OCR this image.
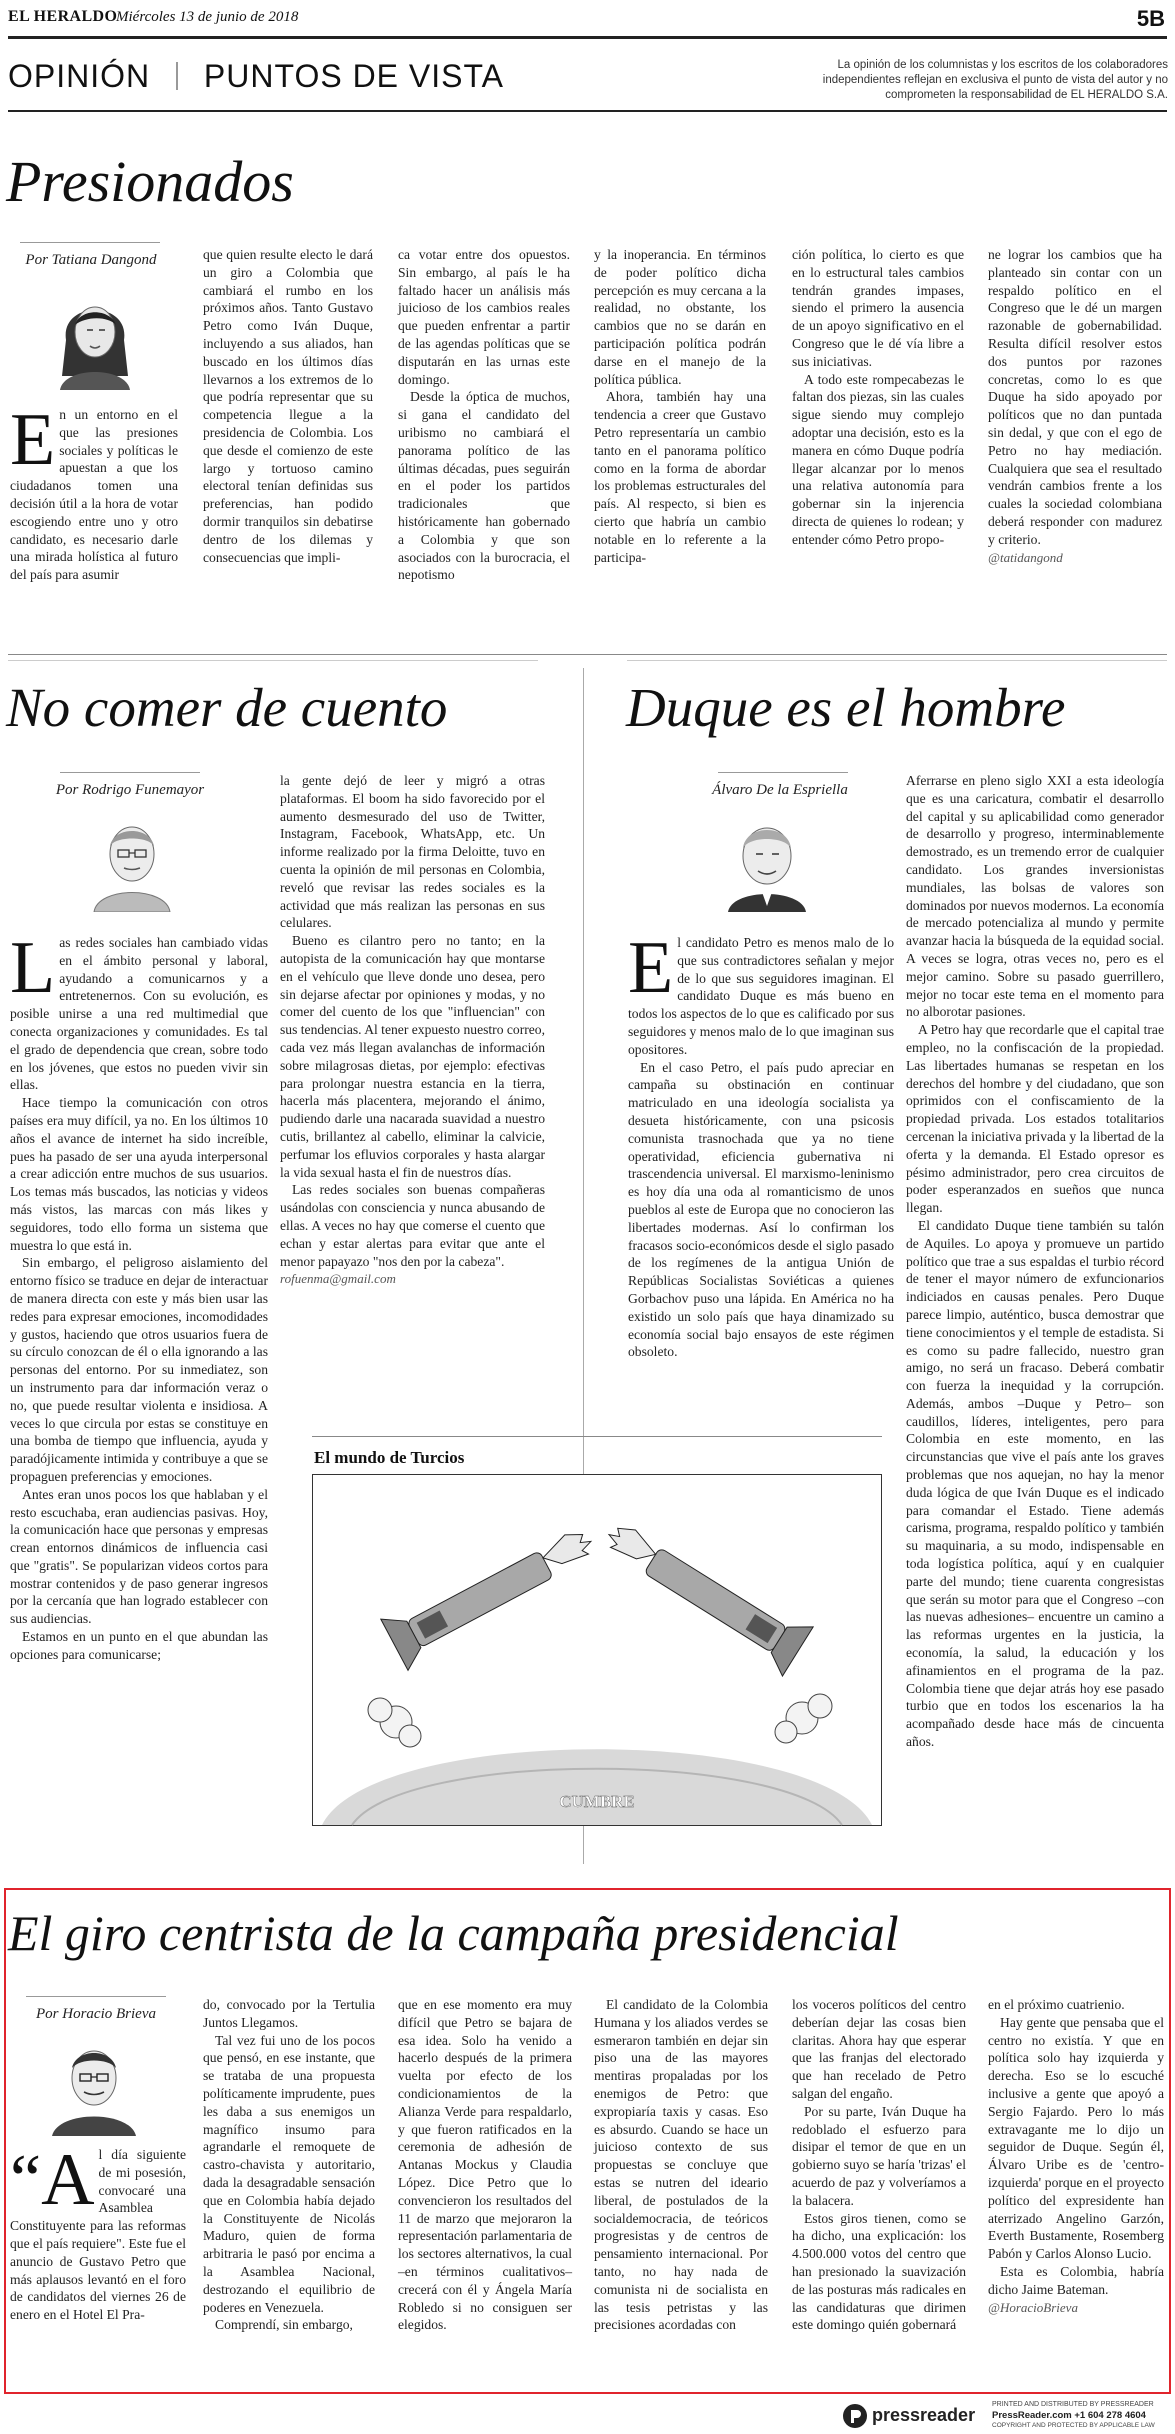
EL HERALDO
Miércoles 13 de junio de 2018	5B
OPINIÓN PUNTOS DE VISTA	La opinión de los columnistas y los escritos de los colaboradores independientes reflejan en exclusiva el punto de vista del autor y no comprometen la responsabilidad de EL HERALDO S.A.
Presionados
Por Tatiana Dangond
E n un entorno en el que las presiones sociales y políticas le apuestan a que los ciudadanos tomen una decisión útil a la hora de votar escogiendo entre uno y otro candidato, es necesario darle una mirada holística al futuro del país para asumir

que quien resulte electo le dará un giro a Colombia que cambiará el rumbo en los próximos años. Tanto Gustavo Petro como Iván Duque, incluyendo a sus aliados, han buscado en los últimos días llevarnos a los extremos de lo que podría representar que su competencia llegue a la presidencia de Colombia. Los que desde el comienzo de este largo y tortuoso camino electoral tenían definidas sus preferencias, han podido dormir tranquilos sin debatirse dentro de los dilemas y consecuencias que impli-

ca votar entre dos opuestos. Sin embargo, al país le ha faltado hacer un análisis más juicioso de los cambios reales que pueden enfrentar a partir de las agendas políticas que se disputarán en las urnas este domingo.

Desde la óptica de muchos, si gana el candidato del uribismo no cambiará el panorama político de las últimas décadas, pues seguirán en el poder los partidos tradicionales que históricamente han gobernado a Colombia y que son asociados con la burocracia, el nepotismo

y la inoperancia. En términos de poder político dicha percepción es muy cercana a la realidad, no obstante, los cambios que no se darán en participación política podrán darse en el manejo de la política pública.

Ahora, también hay una tendencia a creer que Gustavo Petro representaría un cambio tanto en el panorama político como en la forma de abordar los problemas estructurales del país. Al respecto, si bien es cierto que habría un cambio notable en lo referente a la participa-

ción política, lo cierto es que en lo estructural tales cambios tendrán grandes impases, siendo el primero la ausencia de un apoyo significativo en el Congreso que le dé vía libre a sus iniciativas.

A todo este rompecabezas le faltan dos piezas, sin las cuales sigue siendo muy complejo adoptar una decisión, esto es la manera en cómo Duque podría llegar alcanzar por lo menos una relativa autonomía para gobernar sin la injerencia directa de quienes lo rodean; y entender cómo Petro propo-

ne lograr los cambios que ha planteado sin contar con un respaldo político en el Congreso que le dé un margen razonable de gobernabilidad. Resulta difícil resolver estos dos puntos por razones concretas, como lo es que Duque ha sido apoyado por políticos que no dan puntada sin dedal, y que con el ego de Petro no hay mediación. Cualquiera que sea el resultado vendrán cambios frente a los cuales la sociedad colombiana deberá responder con madurez y criterio.

@tatidangond

No comer de cuento
Por Rodrigo Funemayor
L as redes sociales han cambiado vidas en el ámbito personal y laboral, ayudando a comunicarnos y a entretenernos. Con su evolución, es posible unirse a una red multimedial que conecta organizaciones y comunidades. Es tal el grado de dependencia que crean, sobre todo en los jóvenes, que estos no pueden vivir sin ellas.

Hace tiempo la comunicación con otros países era muy difícil, ya no. En los últimos 10 años el avance de internet ha sido increíble, pues ha pasado de ser una ayuda interpersonal a crear adicción entre muchos de sus usuarios. Los temas más buscados, las noticias y videos más vistos, las marcas con más likes y seguidores, todo ello forma un sistema que muestra lo que está in.

Sin embargo, el peligroso aislamiento del entorno físico se traduce en dejar de interactuar de manera directa con este y más bien usar las redes para expresar emociones, incomodidades y gustos, haciendo que otros usuarios fuera de su círculo conozcan de él o ella ignorando a las personas del entorno. Por su inmediatez, son un instrumento para dar información veraz o no, que puede resultar violenta e insidiosa. A veces lo que circula por estas se constituye en una bomba de tiempo que influencia, ayuda y paradójicamente intimida y contribuye a que se propaguen preferencias y emociones.

Antes eran unos pocos los que hablaban y el resto escuchaba, eran audiencias pasivas. Hoy, la comunicación hace que personas y empresas crean entornos dinámicos de influencia casi que "gratis". Se popularizan videos cortos para mostrar contenidos y de paso generar ingresos por la cercanía que han logrado establecer con sus audiencias.

Estamos en un punto en el que abundan las opciones para comunicarse;

la gente dejó de leer y migró a otras plataformas. El boom ha sido favorecido por el aumento desmesurado del uso de Twitter, Instagram, Facebook, WhatsApp, etc. Un informe realizado por la firma Deloitte, tuvo en cuenta la opinión de mil personas en Colombia, reveló que revisar las redes sociales es la actividad que más realizan las personas en sus celulares.

Bueno es cilantro pero no tanto; en la autopista de la comunicación hay que montarse en el vehículo que lleve donde uno desea, pero sin dejarse afectar por opiniones y modas, y no comer del cuento de los que "influencian" con sus tendencias. Al tener expuesto nuestro correo, cada vez más llegan avalanchas de información sobre milagrosas dietas, por ejemplo: efectivas para prolongar nuestra estancia en la tierra, hacerla más placentera, mejorando el ánimo, pudiendo darle una nacarada suavidad a nuestro cutis, brillantez al cabello, eliminar la calvicie, perfumar los efluvios corporales y hasta alargar la vida sexual hasta el fin de nuestros días.

Las redes sociales son buenas compañeras usándolas con consciencia y nunca abusando de ellas. A veces no hay que comerse el cuento que echan y estar alertas para evitar que ante el menor papayazo "nos den por la cabeza".

rofuenma@gmail.com

Duque es el hombre
Álvaro De la Espriella
E l candidato Petro es menos malo de lo que sus contradictores señalan y mejor de lo que sus seguidores imaginan. El candidato Duque es más bueno en todos los aspectos de lo que es calificado por sus seguidores y menos malo de lo que imaginan sus opositores.

En el caso Petro, el país pudo apreciar en campaña su obstinación en continuar matriculado en una ideología socialista ya desueta históricamente, con una psicosis comunista trasnochada que ya no tiene operatividad, eficiencia gubernativa ni trascendencia universal. El marxismo-leninismo es hoy día una oda al romanticismo de unos pueblos al este de Europa que no conocieron las libertades modernas. Así lo confirman los fracasos socio-económicos desde el siglo pasado de los regímenes de la antigua Unión de Repúblicas Socialistas Soviéticas a quienes Gorbachov puso una lápida. En América no ha existido un solo país que haya dinamizado su economía social bajo ensayos de este régimen obsoleto.

Aferrarse en pleno siglo XXI a esta ideología que es una caricatura, combatir el desarrollo del capital y su aplicabilidad como generador de desarrollo y progreso, interminablemente demostrado, es un tremendo error de cualquier candidato. Los grandes inversionistas mundiales, las bolsas de valores son dominados por nuevos modernos. La economía de mercado potencializa al mundo y permite avanzar hacia la búsqueda de la equidad social. A veces se logra, otras veces no, pero es el mejor camino. Sobre su pasado guerrillero, mejor no tocar este tema en el momento para no alborotar pasiones.

A Petro hay que recordarle que el capital trae empleo, no la confiscación de la propiedad. Las libertades humanas se respetan en los derechos del hombre y del ciudadano, que son oprimidos con el confiscamiento de la propiedad privada. Los estados totalitarios cercenan la iniciativa privada y la libertad de la oferta y la demanda. El Estado opresor es pésimo administrador, pero crea circuitos de poder esperanzados en sueños que nunca llegan.

El candidato Duque tiene también su talón de Aquiles. Lo apoya y promueve un partido político que trae a sus espaldas el turbio récord de tener el mayor número de exfuncionarios indiciados en causas penales. Pero Duque parece limpio, auténtico, busca demostrar que tiene conocimientos y el temple de estadista. Si es como su padre fallecido, nuestro gran amigo, no será un fracaso. Deberá combatir con fuerza la inequidad y la corrupción. Además, ambos –Duque y Petro– son caudillos, líderes, inteligentes, pero para Colombia en este momento, en las circunstancias que vive el país ante los graves problemas que nos aquejan, no hay la menor duda lógica de que Iván Duque es el indicado para comandar el Estado. Tiene además carisma, programa, respaldo político y también su maquinaria, a su modo, indispensable en toda logística política, aquí y en cualquier parte del mundo; tiene cuarenta congresistas que serán su motor para que el Congreso –con las nuevas adhesiones– encuentre un camino a las reformas urgentes en la justicia, la economía, la salud, la educación y los afinamientos en el programa de la paz. Colombia tiene que dejar atrás hoy ese pasado turbio que en todos los escenarios la ha acompañado desde hace más de cincuenta años.

El mundo de Turcios
CUMBRE
El giro centrista de la campaña presidencial
Por Horacio Brieva
“ A l día siguiente de mi posesión, convocaré una Asamblea Constituyente para las reformas que el país requiere". Este fue el anuncio de Gustavo Petro que más aplausos levantó en el foro de candidatos del viernes 26 de enero en el Hotel El Pra-

do, convocado por la Tertulia Juntos Llegamos.

Tal vez fui uno de los pocos que pensó, en ese instante, que se trataba de una propuesta políticamente imprudente, pues les daba a sus enemigos un magnífico insumo para agrandarle el remoquete de castro-chavista y autoritario, dada la desagradable sensación que en Colombia había dejado la Constituyente de Nicolás Maduro, quien de forma arbitraria le pasó por encima a la Asamblea Nacional, destrozando el equilibrio de poderes en Venezuela.

Comprendí, sin embargo,

que en ese momento era muy difícil que Petro se bajara de esa idea. Solo ha venido a hacerlo después de la primera vuelta por efecto de los condicionamientos de la Alianza Verde para respaldarlo, y que fueron ratificados en la ceremonia de adhesión de Antanas Mockus y Claudia López. Dice Petro que lo convencieron los resultados del 11 de marzo que mejoraron la representación parlamentaria de los sectores alternativos, la cual –en términos cualitativos– crecerá con él y Ángela María Robledo si no consiguen ser elegidos.

El candidato de la Colombia Humana y los aliados verdes se esmeraron también en dejar sin piso una de las mayores mentiras propaladas por los enemigos de Petro: que expropiaría taxis y casas. Eso es absurdo. Cuando se hace un juicioso contexto de sus propuestas se concluye que estas se nutren del ideario liberal, de postulados de la socialdemocracia, de teóricos progresistas y de centros de pensamiento internacional. Por tanto, no hay nada de comunista ni de socialista en las tesis petristas y las precisiones acordadas con

los voceros políticos del centro deberían dejar las cosas bien claritas. Ahora hay que esperar que las franjas del electorado que han recelado de Petro salgan del engaño.

Por su parte, Iván Duque ha redoblado el esfuerzo para disipar el temor de que en un gobierno suyo se haría 'trizas' el acuerdo de paz y volveríamos a la balacera.

Estos giros tienen, como se ha dicho, una explicación: los 4.500.000 votos del centro que han presionado la suavización de las posturas más radicales en las candidaturas que dirimen este domingo quién gobernará

en el próximo cuatrienio.

Hay gente que pensaba que el centro no existía. Y que en política solo hay izquierda y derecha. Eso se lo escuché inclusive a gente que apoyó a Sergio Fajardo. Pero lo más extravagante me lo dijo un seguidor de Duque. Según él, Álvaro Uribe es de 'centro-izquierda' porque en el proyecto político del expresidente han aterrizado Angelino Garzón, Everth Bustamente, Rosemberg Pabón y Carlos Alonso Lucio.

Esta es Colombia, habría dicho Jaime Bateman.

@HoracioBrieva

pressreader
PRINTED AND DISTRIBUTED BY PRESSREADER
PressReader.com +1 604 278 4604
COPYRIGHT AND PROTECTED BY APPLICABLE LAW
